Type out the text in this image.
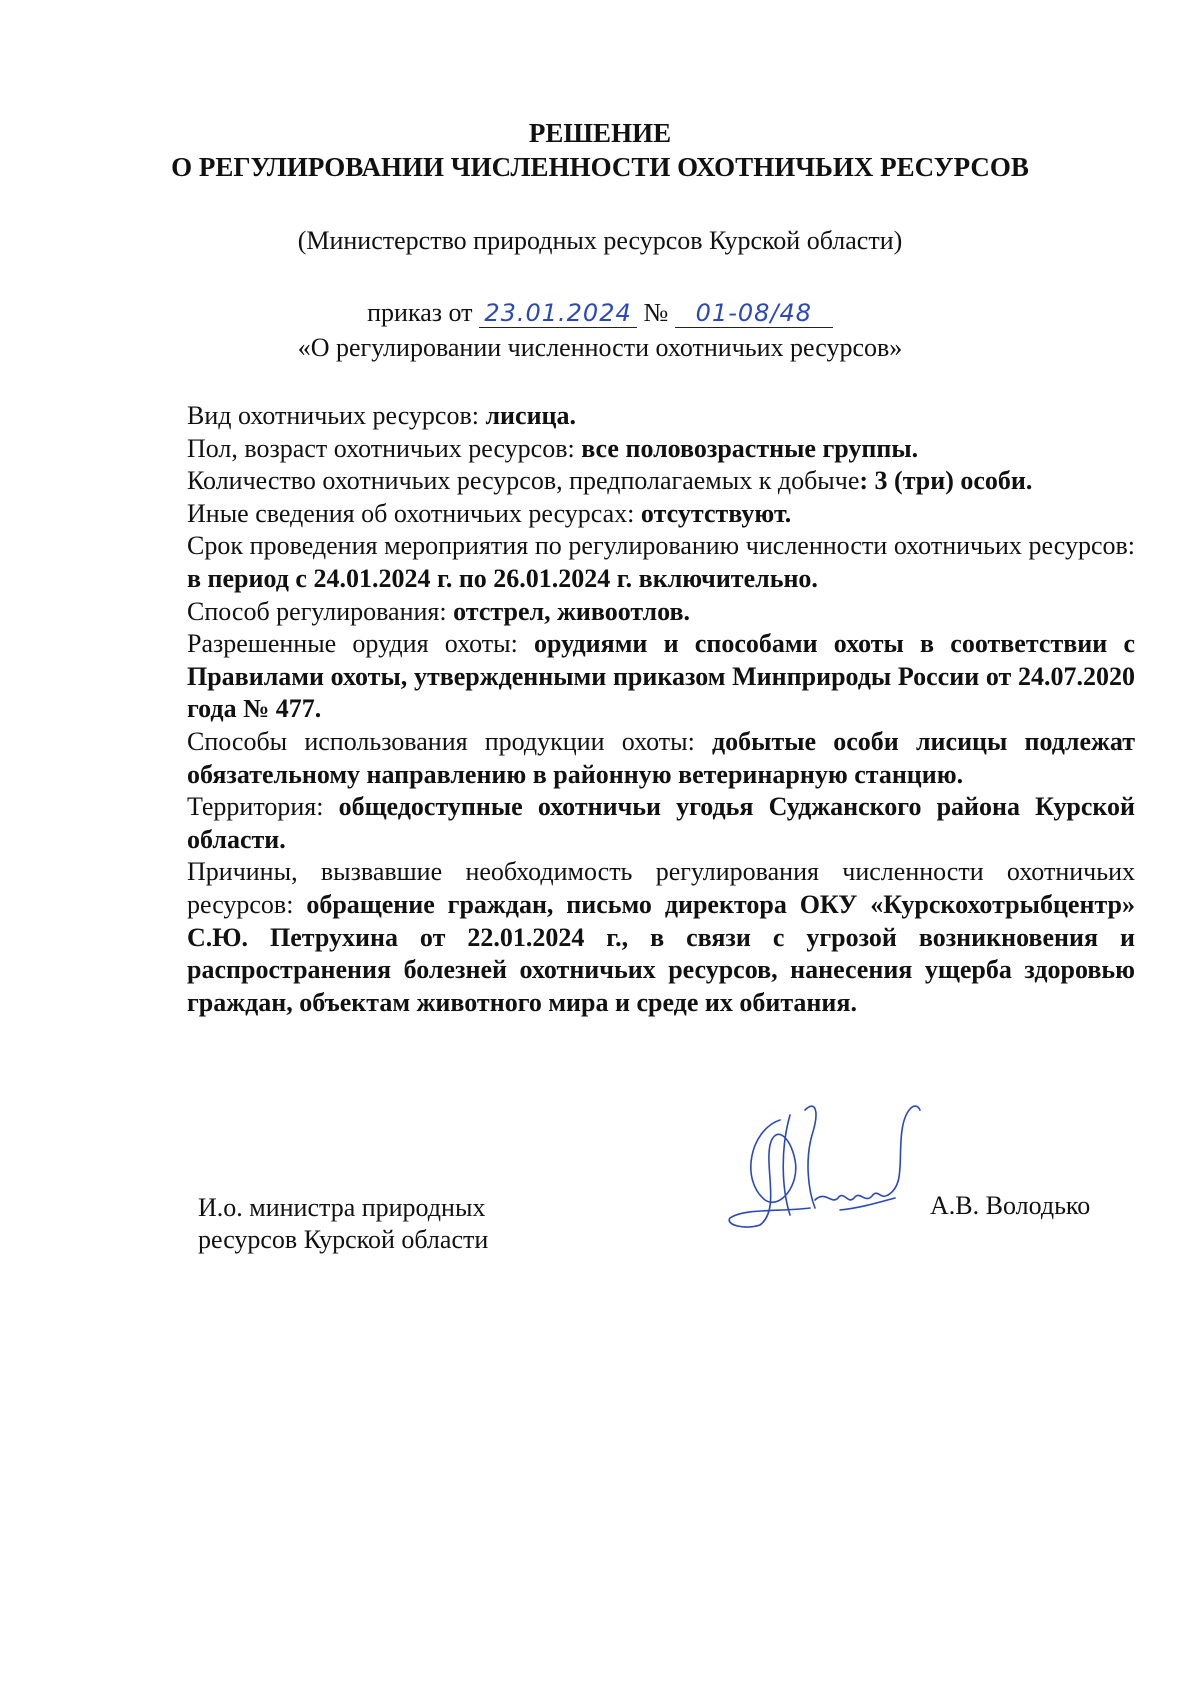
РЕШЕНИЕ
О РЕГУЛИРОВАНИИ ЧИСЛЕННОСТИ ОХОТНИЧЬИХ РЕСУРСОВ
(Министерство природных ресурсов Курской области)
приказ от 23.01.2024 № 01-08/48
«О регулировании численности охотничьих ресурсов»

Вид охотничьих ресурсов: лисица.

Пол, возраст охотничьих ресурсов: все половозрастные группы.

Количество охотничьих ресурсов, предполагаемых к добыче: 3 (три) особи.

Иные сведения об охотничьих ресурсах: отсутствуют.

Срок проведения мероприятия по регулированию численности охотничьих ресурсов: в период с 24.01.2024 г. по 26.01.2024 г. включительно.

Способ регулирования: отстрел, живоотлов.

Разрешенные орудия охоты: орудиями и способами охоты в соответствии с Правилами охоты, утвержденными приказом Минприроды России от 24.07.2020 года № 477.

Способы использования продукции охоты: добытые особи лисицы подлежат обязательному направлению в районную ветеринарную станцию.

Территория: общедоступные охотничьи угодья Суджанского района Курской области.

Причины, вызвавшие необходимость регулирования численности охотничьих ресурсов: обращение граждан, письмо директора ОКУ «Курскохотрыбцентр» С.Ю. Петрухина от 22.01.2024 г., в связи с угрозой возникновения и распространения болезней охотничьих ресурсов, нанесения ущерба здоровью граждан, объектам животного мира и среде их обитания.

И.о. министра природных
ресурсов Курской области
А.В. Володько
